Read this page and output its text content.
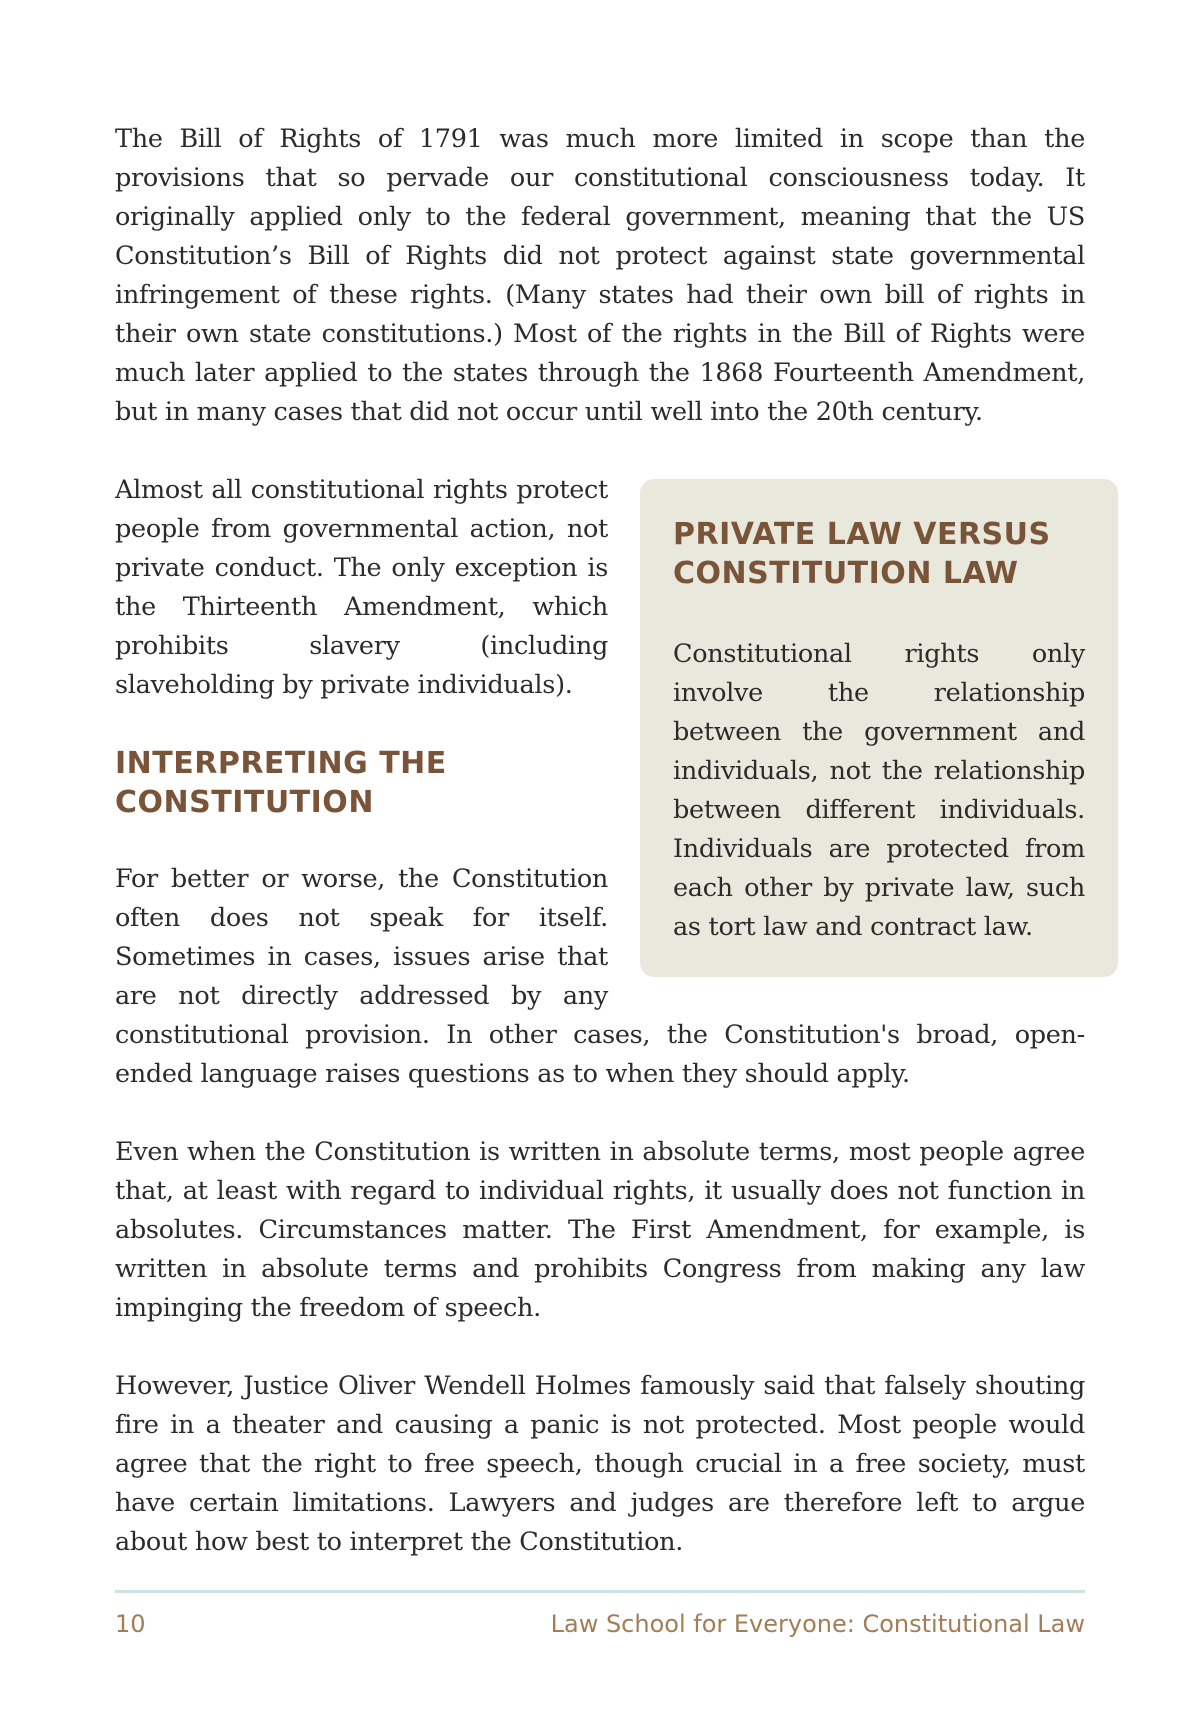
The Bill of Rights of 1791 was much more limited in scope than the provisions that so pervade our constitutional consciousness today. It originally applied only to the federal government, meaning that the US Constitution’s Bill of Rights did not protect against state governmental infringement of these rights. (Many states had their own bill of rights in their own state constitutions.) Most of the rights in the Bill of Rights were much later applied to the states through the 1868 Fourteenth Amendment, but in many cases that did not occur until well into the 20th century.

PRIVATE LAW VERSUS CONSTITUTION LAW

Constitutional rights only involve the relationship between the government and individuals, not the relationship between different individuals. Individuals are protected from each other by private law, such as tort law and contract law.

Almost all constitutional rights protect people from governmental action, not private conduct. The only exception is the Thirteenth Amendment, which prohibits slavery (including slaveholding by private individuals).

INTERPRETING THE CONSTITUTION

For better or worse, the Constitution often does not speak for itself. Sometimes in cases, issues arise that are not directly addressed by any constitutional provision. In other cases, the Constitution's broad, open-ended language raises questions as to when they should apply.

Even when the Constitution is written in absolute terms, most people agree that, at least with regard to individual rights, it usually does not function in absolutes. Circumstances matter. The First Amendment, for example, is written in absolute terms and prohibits Congress from making any law impinging the freedom of speech.

However, Justice Oliver Wendell Holmes famously said that falsely shouting fire in a theater and causing a panic is not protected. Most people would agree that the right to free speech, though crucial in a free society, must have certain limitations. Lawyers and judges are therefore left to argue about how best to interpret the Constitution.

10	Law School for Everyone: Constitutional Law
